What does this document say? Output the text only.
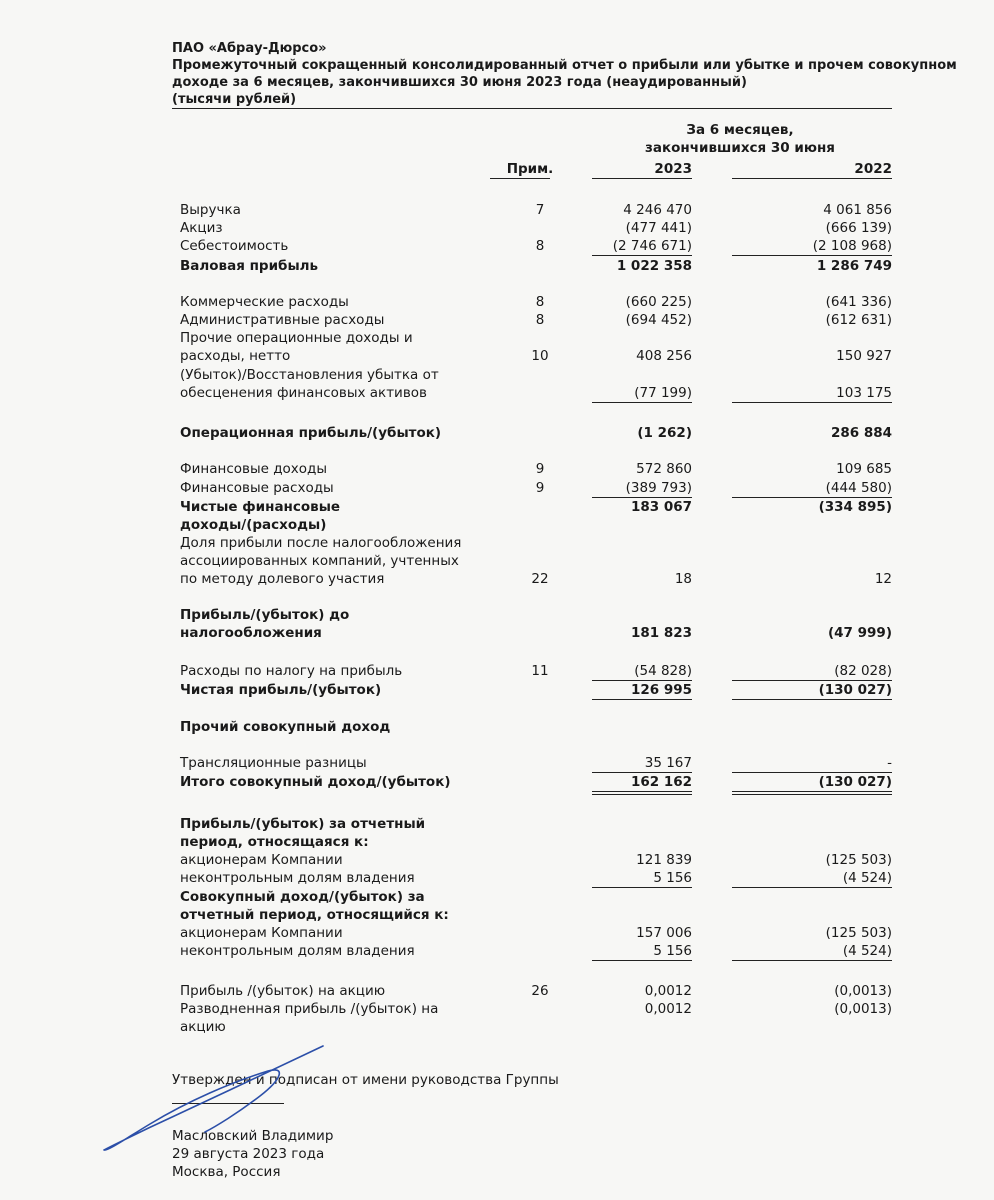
ПАО «Абрау-Дюрсо»
Промежуточный сокращенный консолидированный отчет о прибыли или убытке и прочем совокупном
доходе за 6 месяцев, закончившихся 30 июня 2023 года (неаудированный)
(тысячи рублей)
За 6 месяцев,
закончившихся 30 июня
Прим.	2023	2022
Выручка	7	4 246 470	4 061 856
Акциз	(477 441)	(666 139)
Себестоимость	8	(2 746 671)	(2 108 968)
Валовая прибыль	1 022 358	1 286 749
Коммерческие расходы	8	(660 225)	(641 336)
Административные расходы	8	(694 452)	(612 631)
Прочие операционные доходы и
расходы, нетто	10	408 256	150 927
(Убыток)/Восстановления убытка от
обесценения финансовых активов	(77 199)	103 175
Операционная прибыль/(убыток)	(1 262)	286 884
Финансовые доходы	9	572 860	109 685
Финансовые расходы	9	(389 793)	(444 580)
Чистые финансовые	183 067	(334 895)
доходы/(расходы)
Доля прибыли после налогообложения
ассоциированных компаний, учтенных
по методу долевого участия	22	18	12
Прибыль/(убыток) до
налогообложения	181 823	(47 999)
Расходы по налогу на прибыль	11	(54 828)	(82 028)
Чистая прибыль/(убыток)	126 995	(130 027)
Прочий совокупный доход
Трансляционные разницы	35 167	-
Итого совокупный доход/(убыток)	162 162	(130 027)
Прибыль/(убыток) за отчетный
период, относящаяся к:
акционерам Компании	121 839	(125 503)
неконтрольным долям владения	5 156	(4 524)
Совокупный доход/(убыток) за
отчетный период, относящийся к:
акционерам Компании	157 006	(125 503)
неконтрольным долям владения	5 156	(4 524)
Прибыль /(убыток) на акцию	26	0,0012	(0,0013)
Разводненная прибыль /(убыток) на	0,0012	(0,0013)
акцию
Утвержден и подписан от имени руководства Группы
Масловский Владимир
29 августа 2023 года
Москва, Россия
